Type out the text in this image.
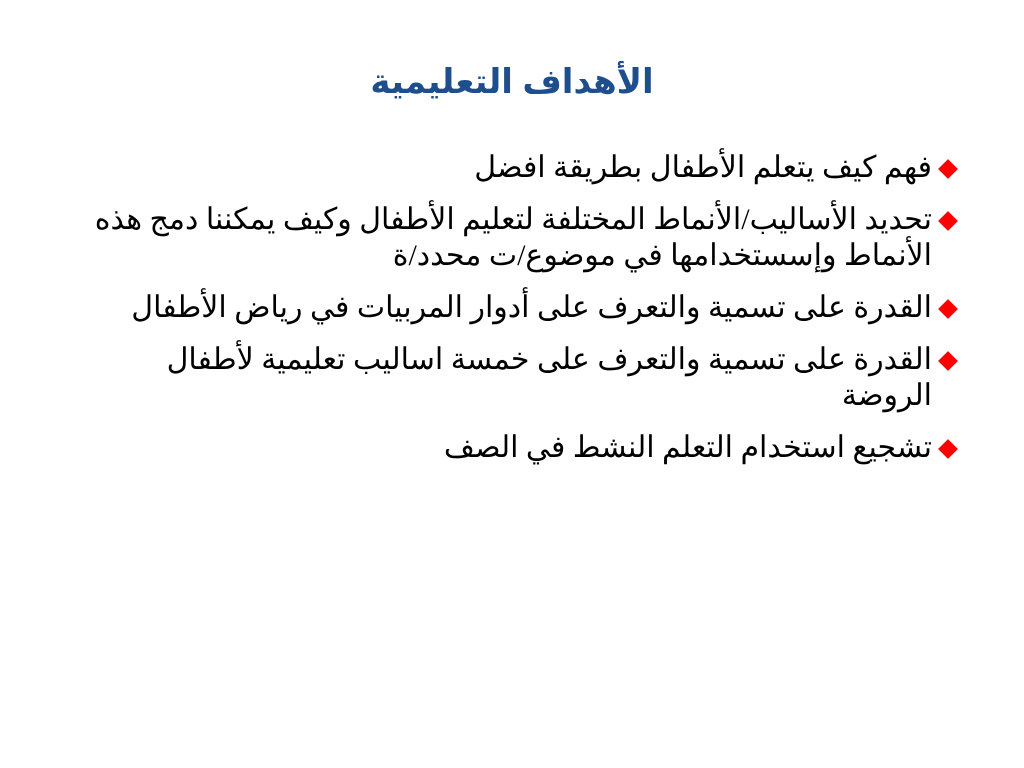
الأهداف التعليمية
فهم كيف يتعلم الأطفال بطريقة افضل
تحديد الأساليب/الأنماط المختلفة لتعليم الأطفال وكيف يمكننا دمج هذه الأنماط وإسستخدامها في موضوع/ت محدد/ة
القدرة على تسمية والتعرف على أدوار المربيات في رياض الأطفال
القدرة على تسمية والتعرف على خمسة اساليب تعليمية لأطفال الروضة
تشجيع استخدام التعلم النشط في الصف
